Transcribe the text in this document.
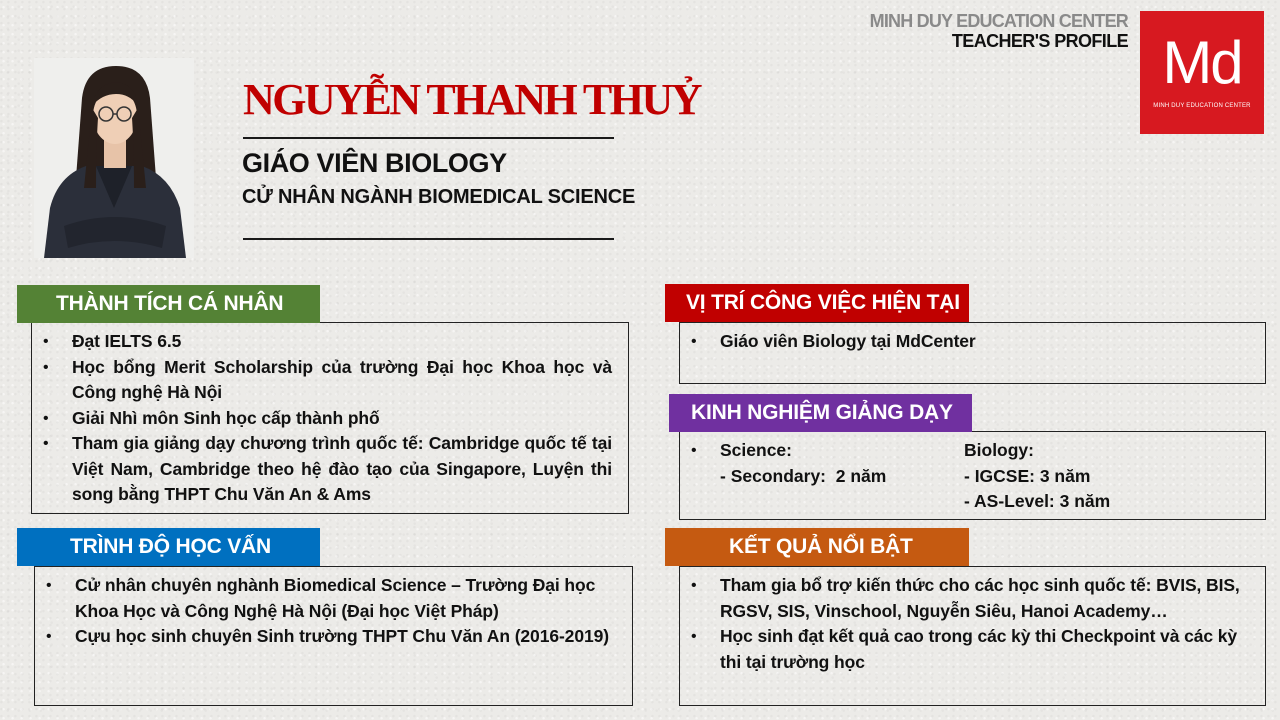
MINH DUY EDUCATION CENTER
TEACHER'S PROFILE Md
MINH DUY EDUCATION CENTER
NGUYỄN THANH THUỶ
GIÁO VIÊN BIOLOGY
CỬ NHÂN NGÀNH BIOMEDICAL SCIENCE
• Đạt IELTS 6.5
• Học bổng Merit Scholarship của trường Đại học Khoa học và Công nghệ Hà Nội
• Giải Nhì môn Sinh học cấp thành phố
• Tham gia giảng dạy chương trình quốc tế: Cambridge quốc tế tại Việt Nam, Cambridge theo hệ đào tạo của Singapore, Luyện thi song bằng THPT Chu Văn An & Ams
THÀNH TÍCH CÁ NHÂN
• Cử nhân chuyên nghành Biomedical Science – Trường Đại học Khoa Học và Công Nghệ Hà Nội (Đại học Việt Pháp)
• Cựu học sinh chuyên Sinh trường THPT Chu Văn An (2016-2019)
TRÌNH ĐỘ HỌC VẤN
• Giáo viên Biology tại MdCenter
VỊ TRÍ CÔNG VIỆC HIỆN TẠI
• Science:
- Secondary:  2 năm
Biology:
- IGCSE: 3 năm
- AS-Level: 3 năm
KINH NGHIỆM GIẢNG DẠY
• Tham gia bổ trợ kiến thức cho các học sinh quốc tế: BVIS, BIS, RGSV, SIS, Vinschool, Nguyễn Siêu, Hanoi Academy…
• Học sinh đạt kết quả cao trong các kỳ thi Checkpoint và các kỳ thi tại trường học
KẾT QUẢ NỔI BẬT
